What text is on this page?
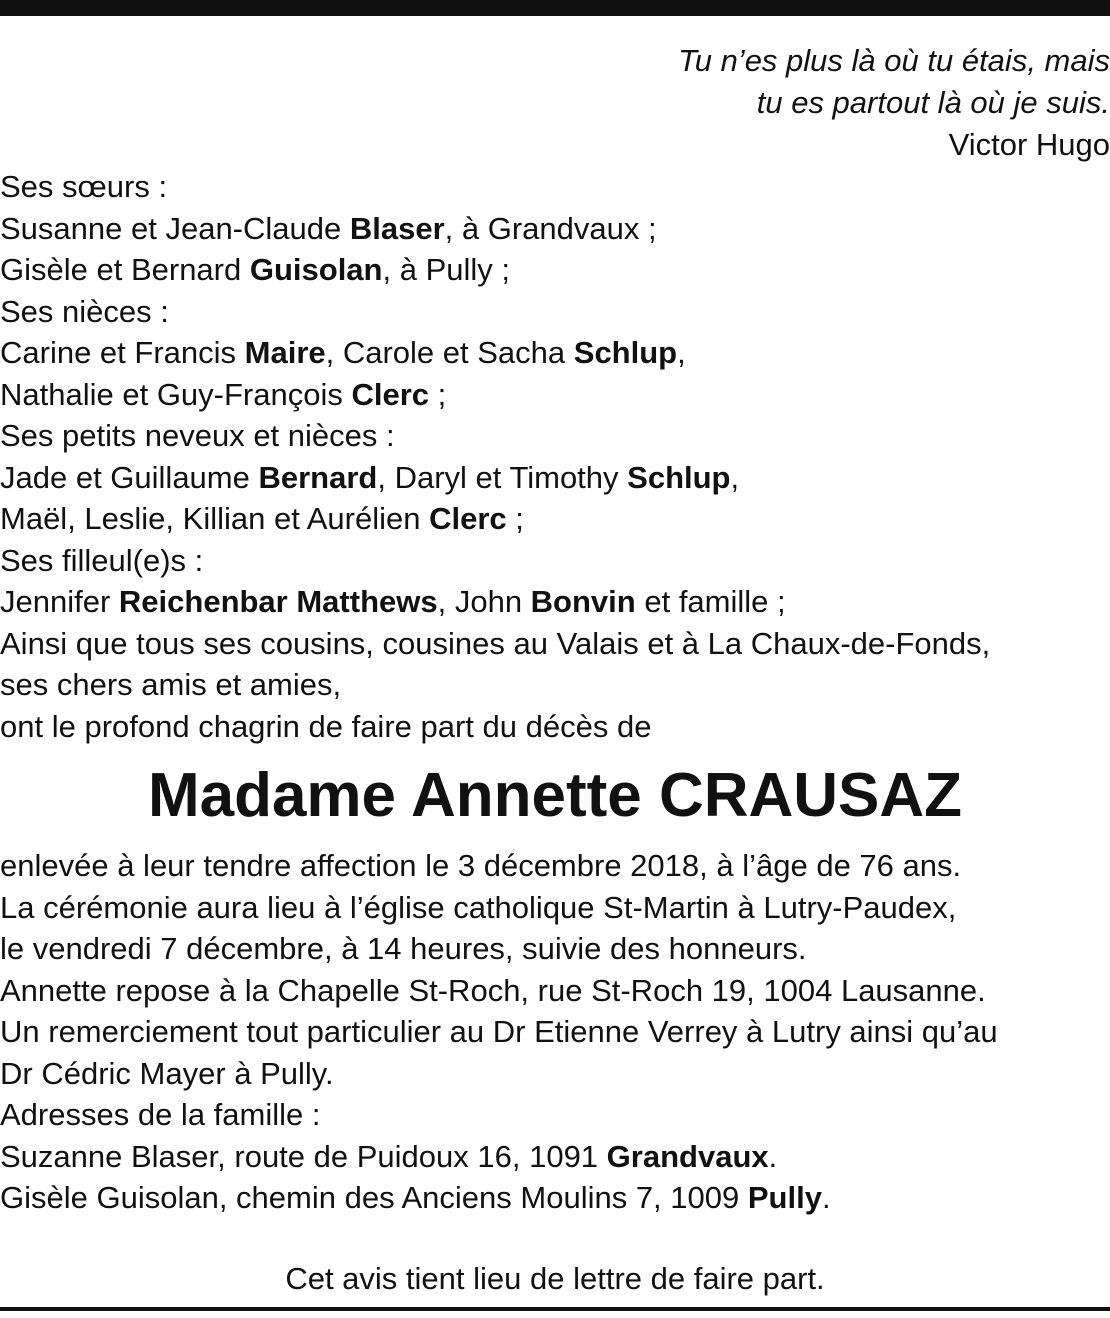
Tu n’es plus là où tu étais, mais
tu es partout là où je suis.
Victor Hugo
Ses sœurs :
Susanne et Jean-Claude Blaser, à Grandvaux ;
Gisèle et Bernard Guisolan, à Pully ;
Ses nièces :
Carine et Francis Maire, Carole et Sacha Schlup,
Nathalie et Guy-François Clerc ;
Ses petits neveux et nièces :
Jade et Guillaume Bernard, Daryl et Timothy Schlup,
Maël, Leslie, Killian et Aurélien Clerc ;
Ses filleul(e)s :
Jennifer Reichenbar Matthews, John Bonvin et famille ;
Ainsi que tous ses cousins, cousines au Valais et à La Chaux-de-Fonds,
ses chers amis et amies,
ont le profond chagrin de faire part du décès de
Madame Annette CRAUSAZ
enlevée à leur tendre affection le 3 décembre 2018, à l’âge de 76 ans.
La cérémonie aura lieu à l’église catholique St-Martin à Lutry-Paudex,
le vendredi 7 décembre, à 14 heures, suivie des honneurs.
Annette repose à la Chapelle St-Roch, rue St-Roch 19, 1004 Lausanne.
Un remerciement tout particulier au Dr Etienne Verrey à Lutry ainsi qu’au
Dr Cédric Mayer à Pully.
Adresses de la famille :
Suzanne Blaser, route de Puidoux 16, 1091 Grandvaux.
Gisèle Guisolan, chemin des Anciens Moulins 7, 1009 Pully.
Cet avis tient lieu de lettre de faire part.
